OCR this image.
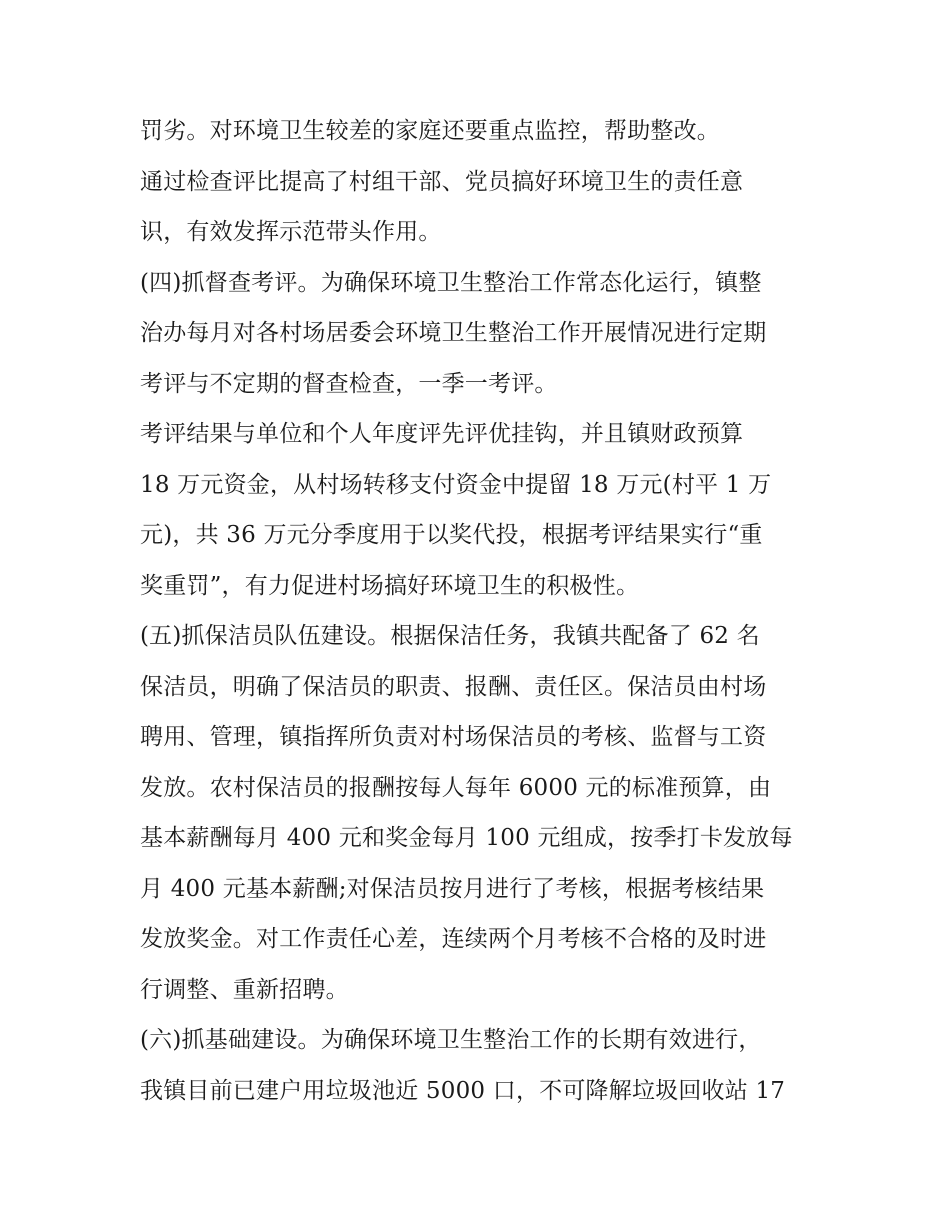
罚劣。对环境卫生较差的家庭还要重点监控，帮助整改。
通过检查评比提高了村组干部、党员搞好环境卫生的责任意
识，有效发挥示范带头作用。
(四)抓督查考评。为确保环境卫生整治工作常态化运行，镇整
治办每月对各村场居委会环境卫生整治工作开展情况进行定期
考评与不定期的督查检查，一季一考评。
考评结果与单位和个人年度评先评优挂钩，并且镇财政预算
18 万元资金，从村场转移支付资金中提留 18 万元(村平 1 万
元)，共 36 万元分季度用于以奖代投，根据考评结果实行“重
奖重罚”，有力促进村场搞好环境卫生的积极性。
(五)抓保洁员队伍建设。根据保洁任务，我镇共配备了 62 名
保洁员，明确了保洁员的职责、报酬、责任区。保洁员由村场
聘用、管理，镇指挥所负责对村场保洁员的考核、监督与工资
发放。农村保洁员的报酬按每人每年 6000 元的标准预算，由
基本薪酬每月 400 元和奖金每月 100 元组成，按季打卡发放每
月 400 元基本薪酬;对保洁员按月进行了考核，根据考核结果
发放奖金。对工作责任心差，连续两个月考核不合格的及时进
行调整、重新招聘。
(六)抓基础建设。为确保环境卫生整治工作的长期有效进行，
我镇目前已建户用垃圾池近 5000 口，不可降解垃圾回收站 17
